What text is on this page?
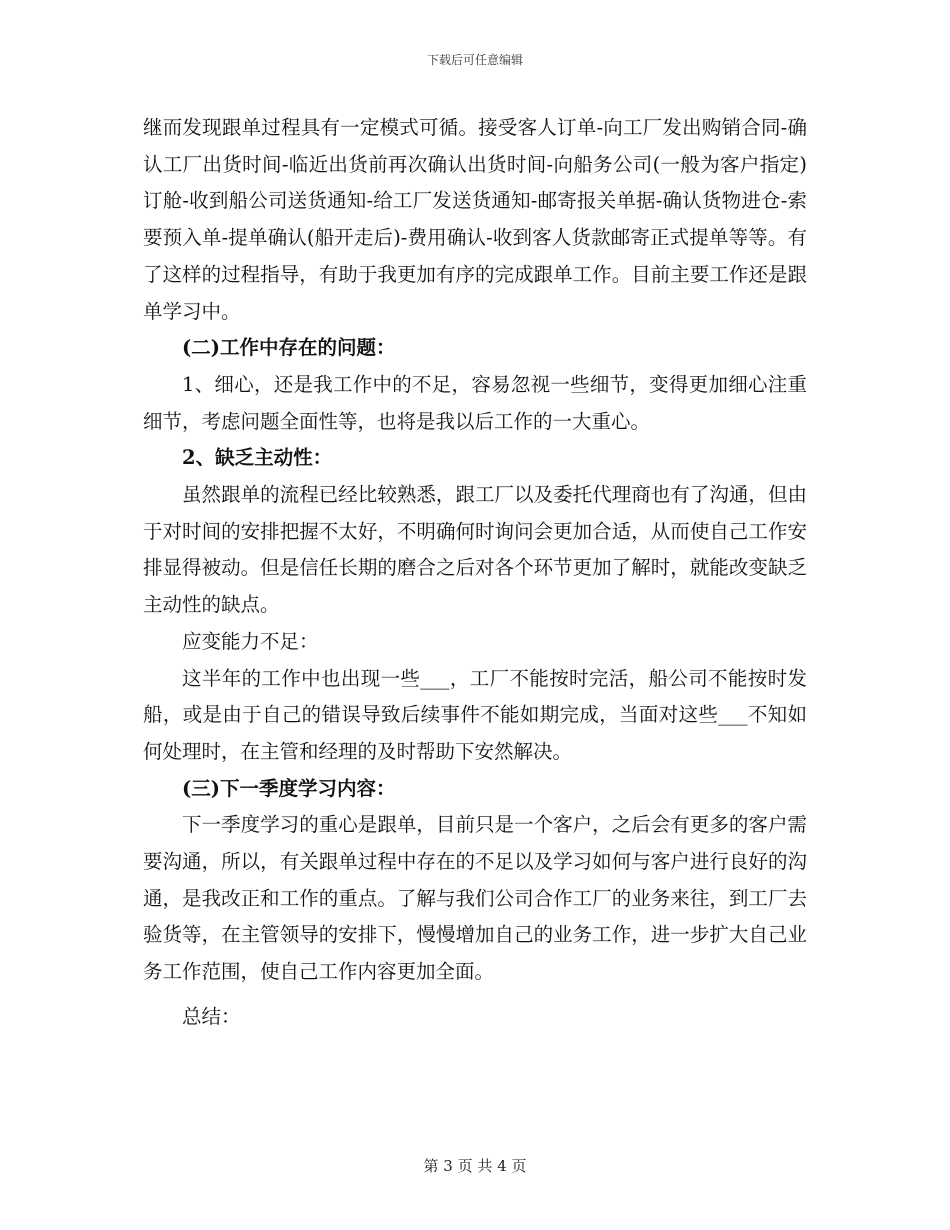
下载后可任意编辑

继而发现跟单过程具有一定模式可循。接受客人订单-向工厂发出购销合同-确认工厂出货时间-临近出货前再次确认出货时间-向船务公司(一般为客户指定)订舱-收到船公司送货通知-给工厂发送货通知-邮寄报关单据-确认货物进仓-索要预入单-提单确认(船开走后)-费用确认-收到客人货款邮寄正式提单等等。有了这样的过程指导，有助于我更加有序的完成跟单工作。目前主要工作还是跟单学习中。

(二)工作中存在的问题：

1、细心，还是我工作中的不足，容易忽视一些细节，变得更加细心注重细节，考虑问题全面性等，也将是我以后工作的一大重心。

2、缺乏主动性：

虽然跟单的流程已经比较熟悉，跟工厂以及委托代理商也有了沟通，但由于对时间的安排把握不太好，不明确何时询问会更加合适，从而使自己工作安排显得被动。但是信任长期的磨合之后对各个环节更加了解时，就能改变缺乏主动性的缺点。

应变能力不足：

这半年的工作中也出现一些___，工厂不能按时完活，船公司不能按时发船，或是由于自己的错误导致后续事件不能如期完成，当面对这些___不知如何处理时，在主管和经理的及时帮助下安然解决。

(三)下一季度学习内容：

下一季度学习的重心是跟单，目前只是一个客户，之后会有更多的客户需要沟通，所以，有关跟单过程中存在的不足以及学习如何与客户进行良好的沟通，是我改正和工作的重点。了解与我们公司合作工厂的业务来往，到工厂去验货等，在主管领导的安排下，慢慢增加自己的业务工作，进一步扩大自己业务工作范围，使自己工作内容更加全面。

总结：

第 3 页 共 4 页
